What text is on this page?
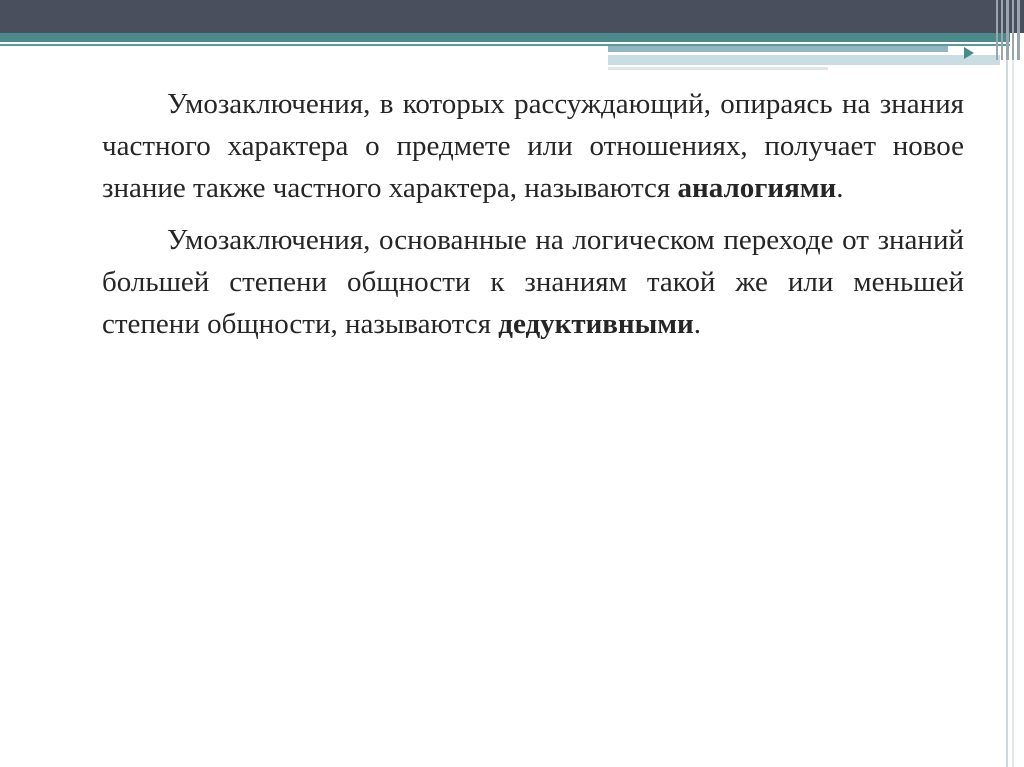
Умозаключения, в которых рассуждающий, опираясь на знания частного характера о предмете или отношениях, получает новое знание также частного характера, называются аналогиями.

Умозаключения, основанные на логическом переходе от знаний большей степени общности к знаниям такой же или меньшей степени общности, называются дедуктивными.
